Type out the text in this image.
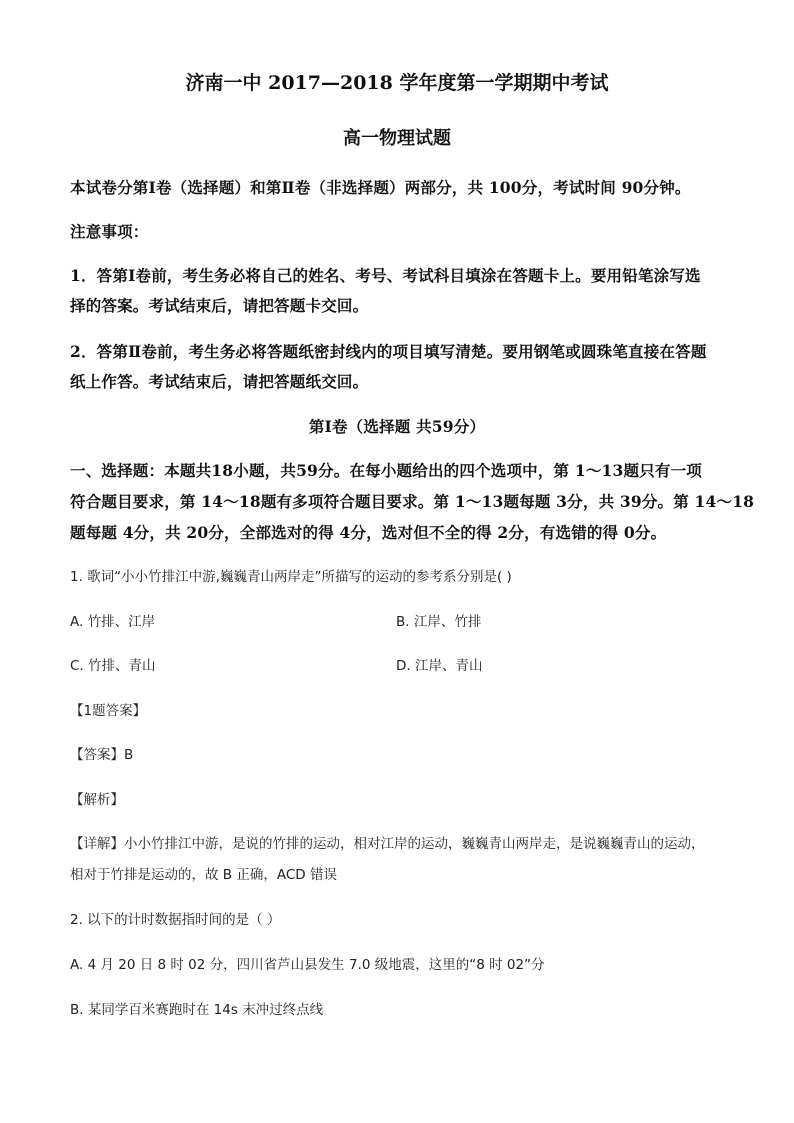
济南一中 2017—2018 学年度第一学期期中考试
高一物理试题
本试卷分第Ⅰ卷（选择题）和第Ⅱ卷（非选择题）两部分，共 100分，考试时间 90分钟。
注意事项：
1．答第Ⅰ卷前，考生务必将自己的姓名、考号、考试科目填涂在答题卡上。要用铅笔涂写选
择的答案。考试结束后，请把答题卡交回。
2．答第Ⅱ卷前，考生务必将答题纸密封线内的项目填写清楚。要用钢笔或圆珠笔直接在答题
纸上作答。考试结束后，请把答题纸交回。
第Ⅰ卷（选择题 共59分）
一、选择题：本题共18小题，共59分。在每小题给出的四个选项中，第 1～13题只有一项
符合题目要求，第 14～18题有多项符合题目要求。第 1～13题每题 3分，共 39分。第 14～18
题每题 4分，共 20分，全部选对的得 4分，选对但不全的得 2分，有选错的得 0分。
1. 歌词“小小竹排江中游,巍巍青山两岸走”所描写的运动的参考系分别是( )
A. 竹排、江岸	B. 江岸、竹排
C. 竹排、青山	D. 江岸、青山
【1题答案】
【答案】B
【解析】
【详解】小小竹排江中游，是说的竹排的运动，相对江岸的运动，巍巍青山两岸走，是说巍巍青山的运动，
相对于竹排是运动的，故 B 正确，ACD 错误
2. 以下的计时数据指时间的是（ ）
A. 4 月 20 日 8 时 02 分，四川省芦山县发生 7.0 级地震，这里的“8 时 02”分
B. 某同学百米赛跑时在 14s 末冲过终点线
